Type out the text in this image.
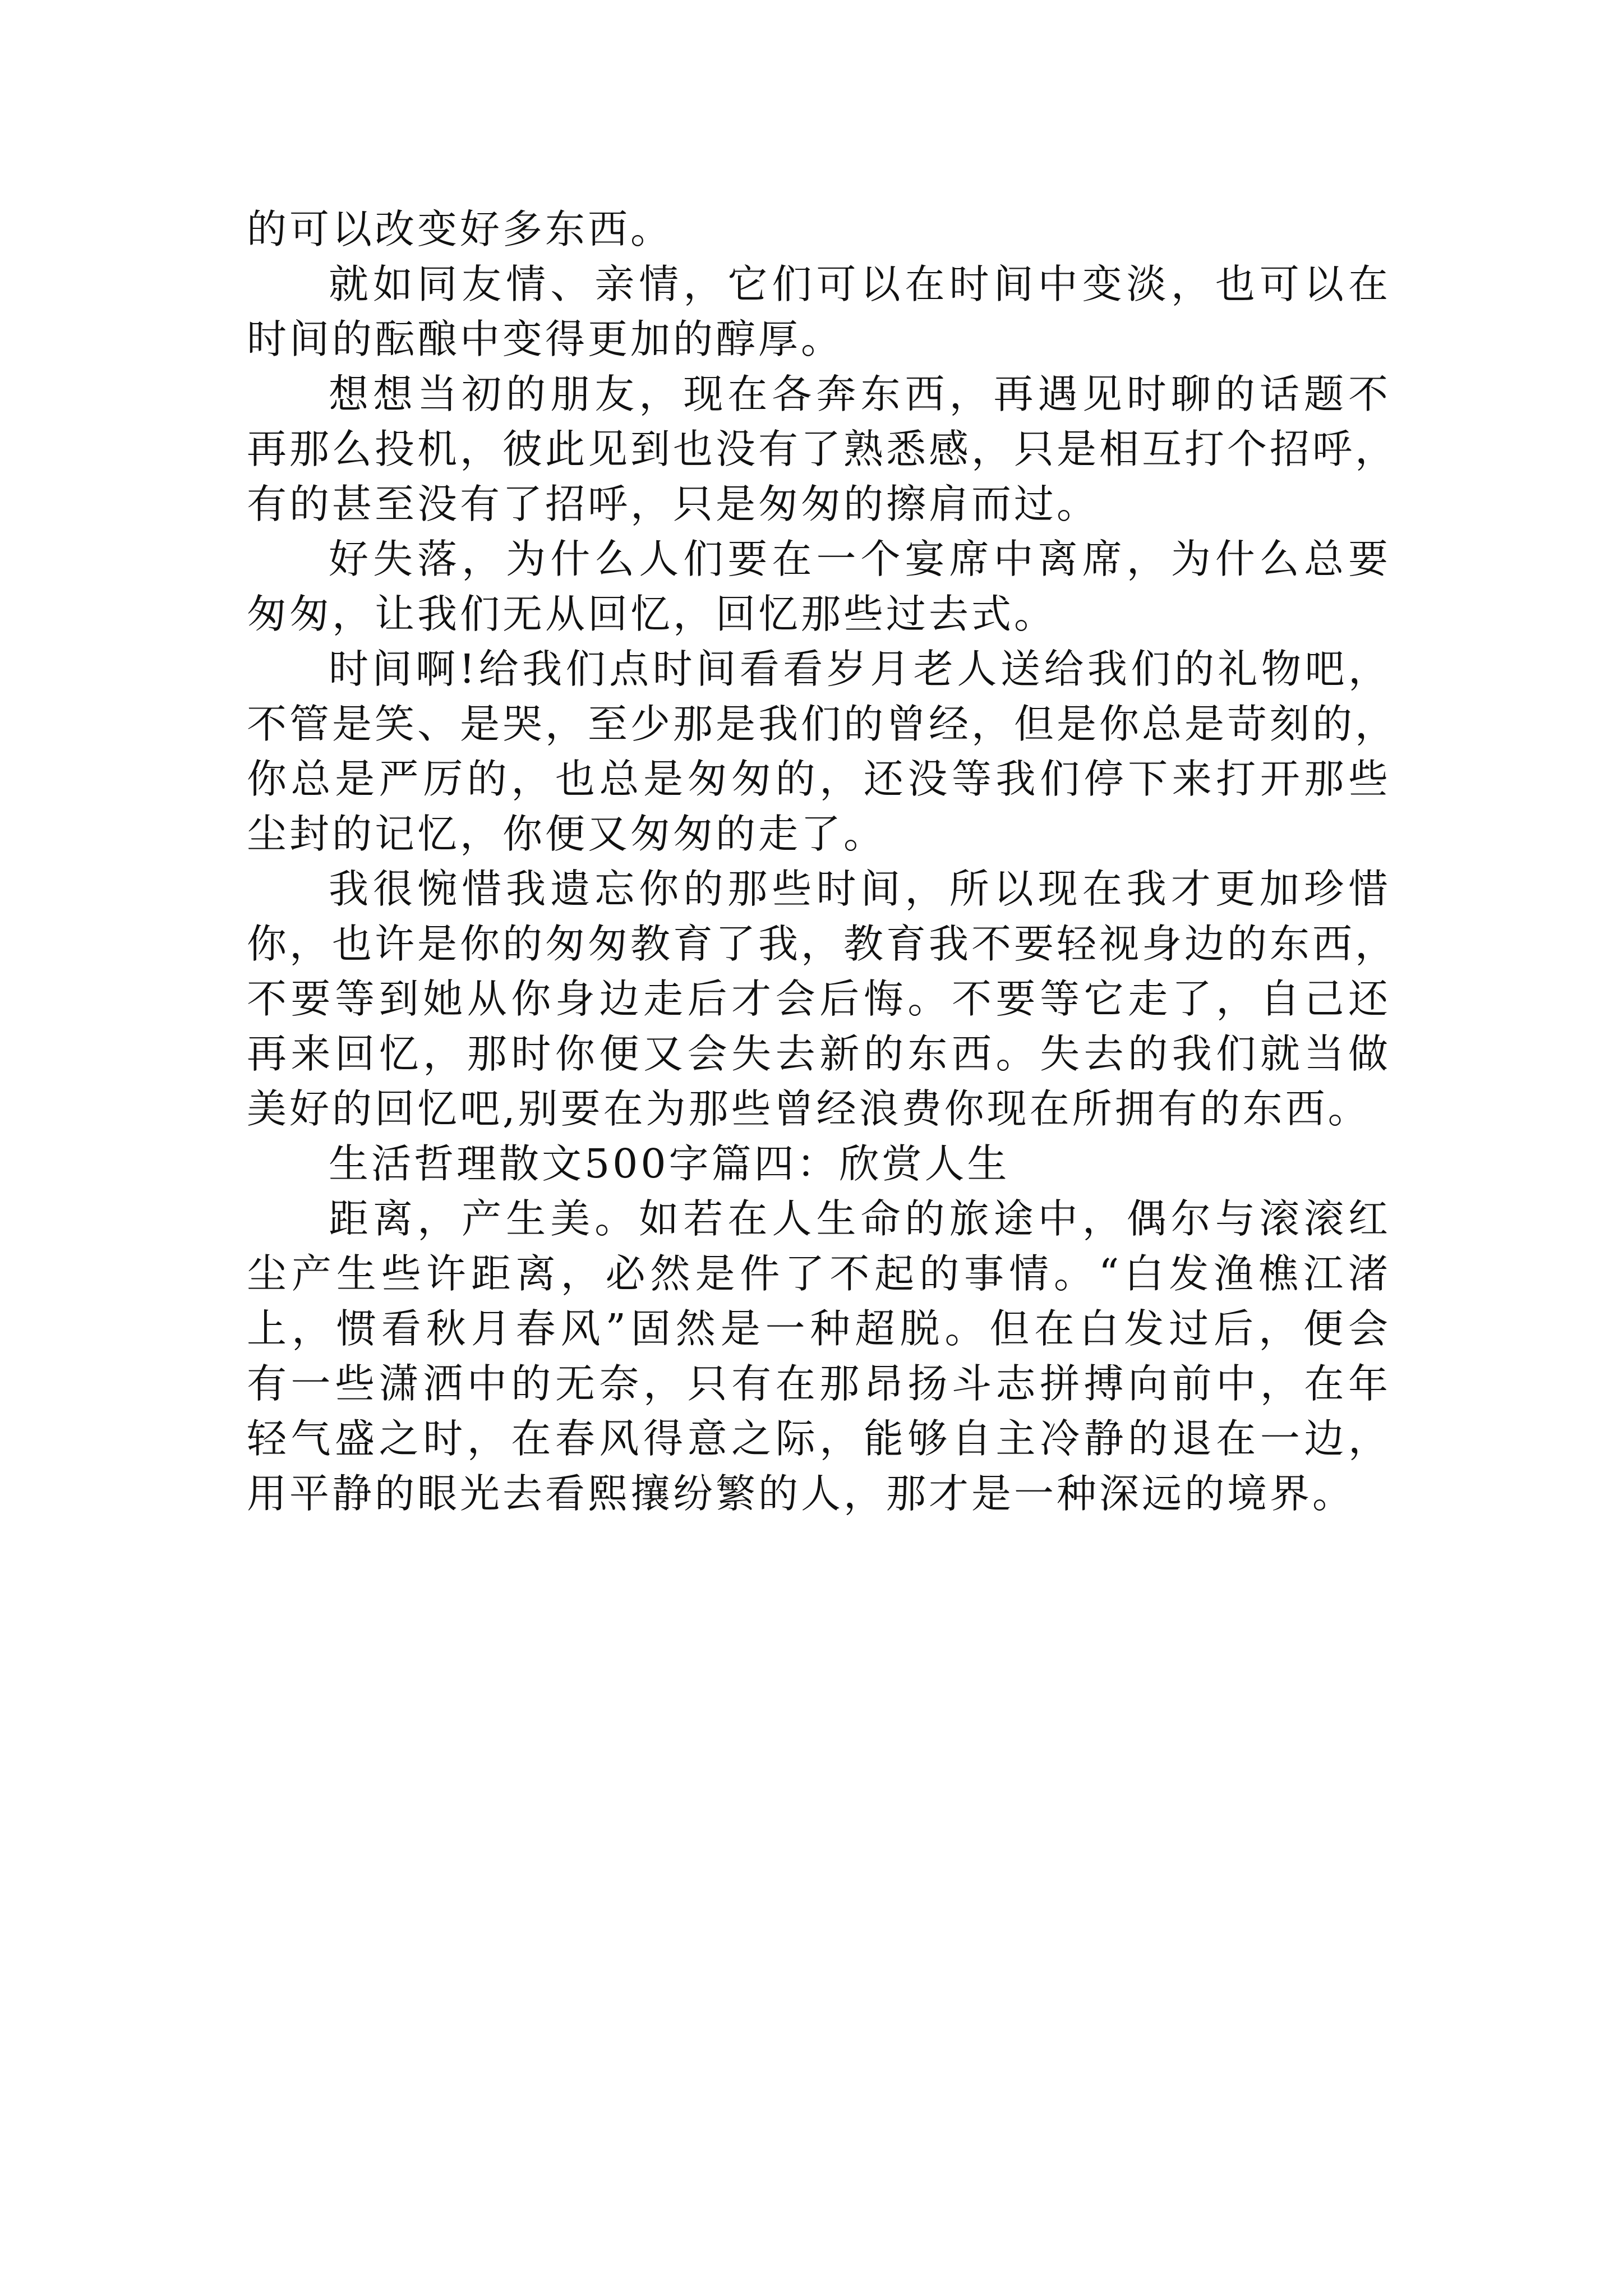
的可以改变好多东西。
就如同友情、亲情，它们可以在时间中变淡，也可以在
时间的酝酿中变得更加的醇厚。
想想当初的朋友，现在各奔东西，再遇见时聊的话题不
再那么投机，彼此见到也没有了熟悉感，只是相互打个招呼，
有的甚至没有了招呼，只是匆匆的擦肩而过。
好失落，为什么人们要在一个宴席中离席，为什么总要
匆匆，让我们无从回忆，回忆那些过去式。
时间啊!给我们点时间看看岁月老人送给我们的礼物吧，
不管是笑、是哭，至少那是我们的曾经，但是你总是苛刻的，
你总是严厉的，也总是匆匆的，还没等我们停下来打开那些
尘封的记忆，你便又匆匆的走了。
我很惋惜我遗忘你的那些时间，所以现在我才更加珍惜
你，也许是你的匆匆教育了我，教育我不要轻视身边的东西，
不要等到她从你身边走后才会后悔。不要等它走了，自己还
再来回忆，那时你便又会失去新的东西。失去的我们就当做
美好的回忆吧,别要在为那些曾经浪费你现在所拥有的东西。
生活哲理散文500字篇四：欣赏人生
距离，产生美。如若在人生命的旅途中，偶尔与滚滚红
尘产生些许距离，必然是件了不起的事情。“白发渔樵江渚
上，惯看秋月春风”固然是一种超脱。但在白发过后，便会
有一些潇洒中的无奈，只有在那昂扬斗志拼搏向前中，在年
轻气盛之时，在春风得意之际，能够自主冷静的退在一边，
用平静的眼光去看熙攘纷繁的人，那才是一种深远的境界。
